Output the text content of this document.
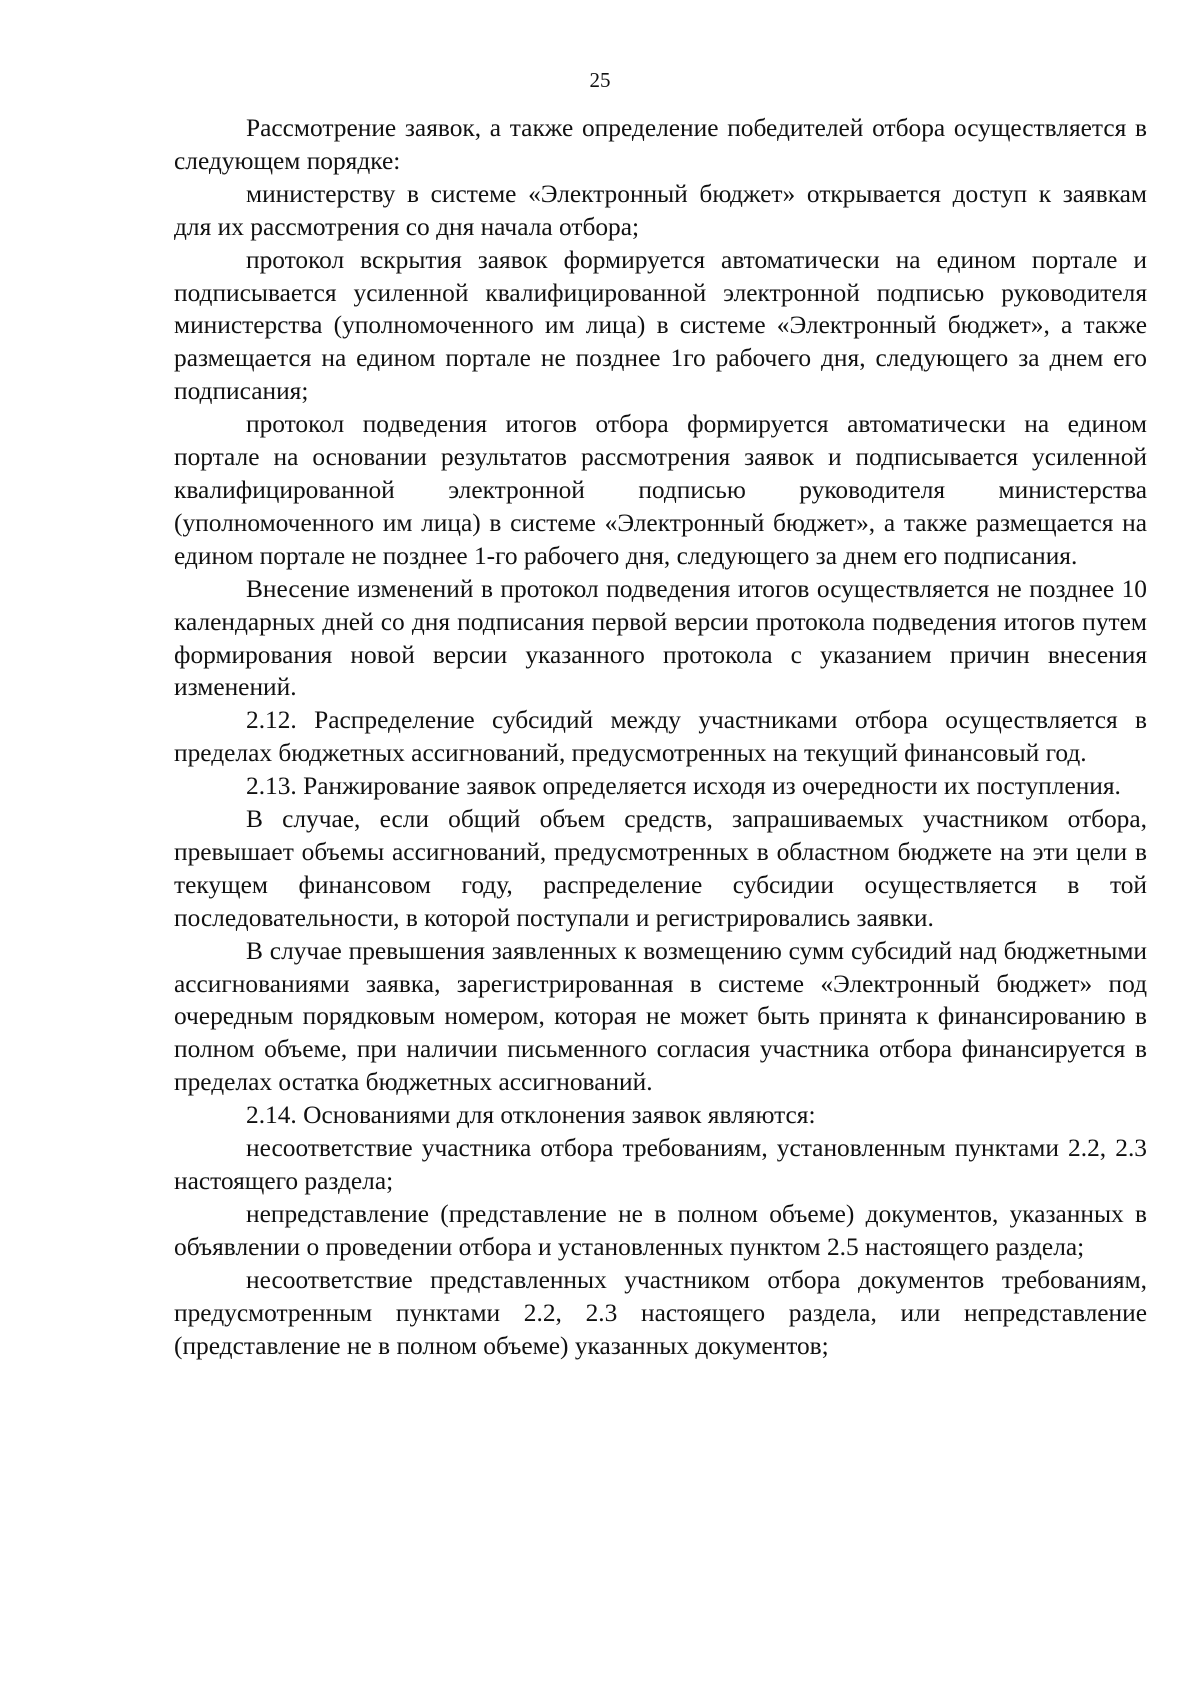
25

Рассмотрение заявок, а также определение победителей отбора осуществляется в следующем порядке:

министерству в системе «Электронный бюджет» открывается доступ к заявкам для их рассмотрения со дня начала отбора;

протокол вскрытия заявок формируется автоматически на едином портале и подписывается усиленной квалифицированной электронной подписью руководителя министерства (уполномоченного им лица) в системе «Электронный бюджет», а также размещается на едином портале не позднее 1го рабочего дня, следующего за днем его подписания;

протокол подведения итогов отбора формируется автоматически на едином портале на основании результатов рассмотрения заявок и подписывается усиленной квалифицированной электронной подписью руководителя министерства (уполномоченного им лица) в системе «Электронный бюджет», а также размещается на едином портале не позднее 1-го рабочего дня, следующего за днем его подписания.

Внесение изменений в протокол подведения итогов осуществляется не позднее 10 календарных дней со дня подписания первой версии протокола подведения итогов путем формирования новой версии указанного протокола с указанием причин внесения изменений.

2.12. Распределение субсидий между участниками отбора осуществляется в пределах бюджетных ассигнований, предусмотренных на текущий финансовый год.

2.13. Ранжирование заявок определяется исходя из очередности их поступления.

В случае, если общий объем средств, запрашиваемых участником отбора, превышает объемы ассигнований, предусмотренных в областном бюджете на эти цели в текущем финансовом году, распределение субсидии осуществляется в той последовательности, в которой поступали и регистрировались заявки.

В случае превышения заявленных к возмещению сумм субсидий над бюджетными ассигнованиями заявка, зарегистрированная в системе «Электронный бюджет» под очередным порядковым номером, которая не может быть принята к финансированию в полном объеме, при наличии письменного согласия участника отбора финансируется в пределах остатка бюджетных ассигнований.

2.14. Основаниями для отклонения заявок являются:

несоответствие участника отбора требованиям, установленным пунктами 2.2, 2.3 настоящего раздела;

непредставление (представление не в полном объеме) документов, указанных в объявлении о проведении отбора и установленных пунктом 2.5 настоящего раздела;

несоответствие представленных участником отбора документов требованиям, предусмотренным пунктами 2.2, 2.3 настоящего раздела, или непредставление (представление не в полном объеме) указанных документов;
